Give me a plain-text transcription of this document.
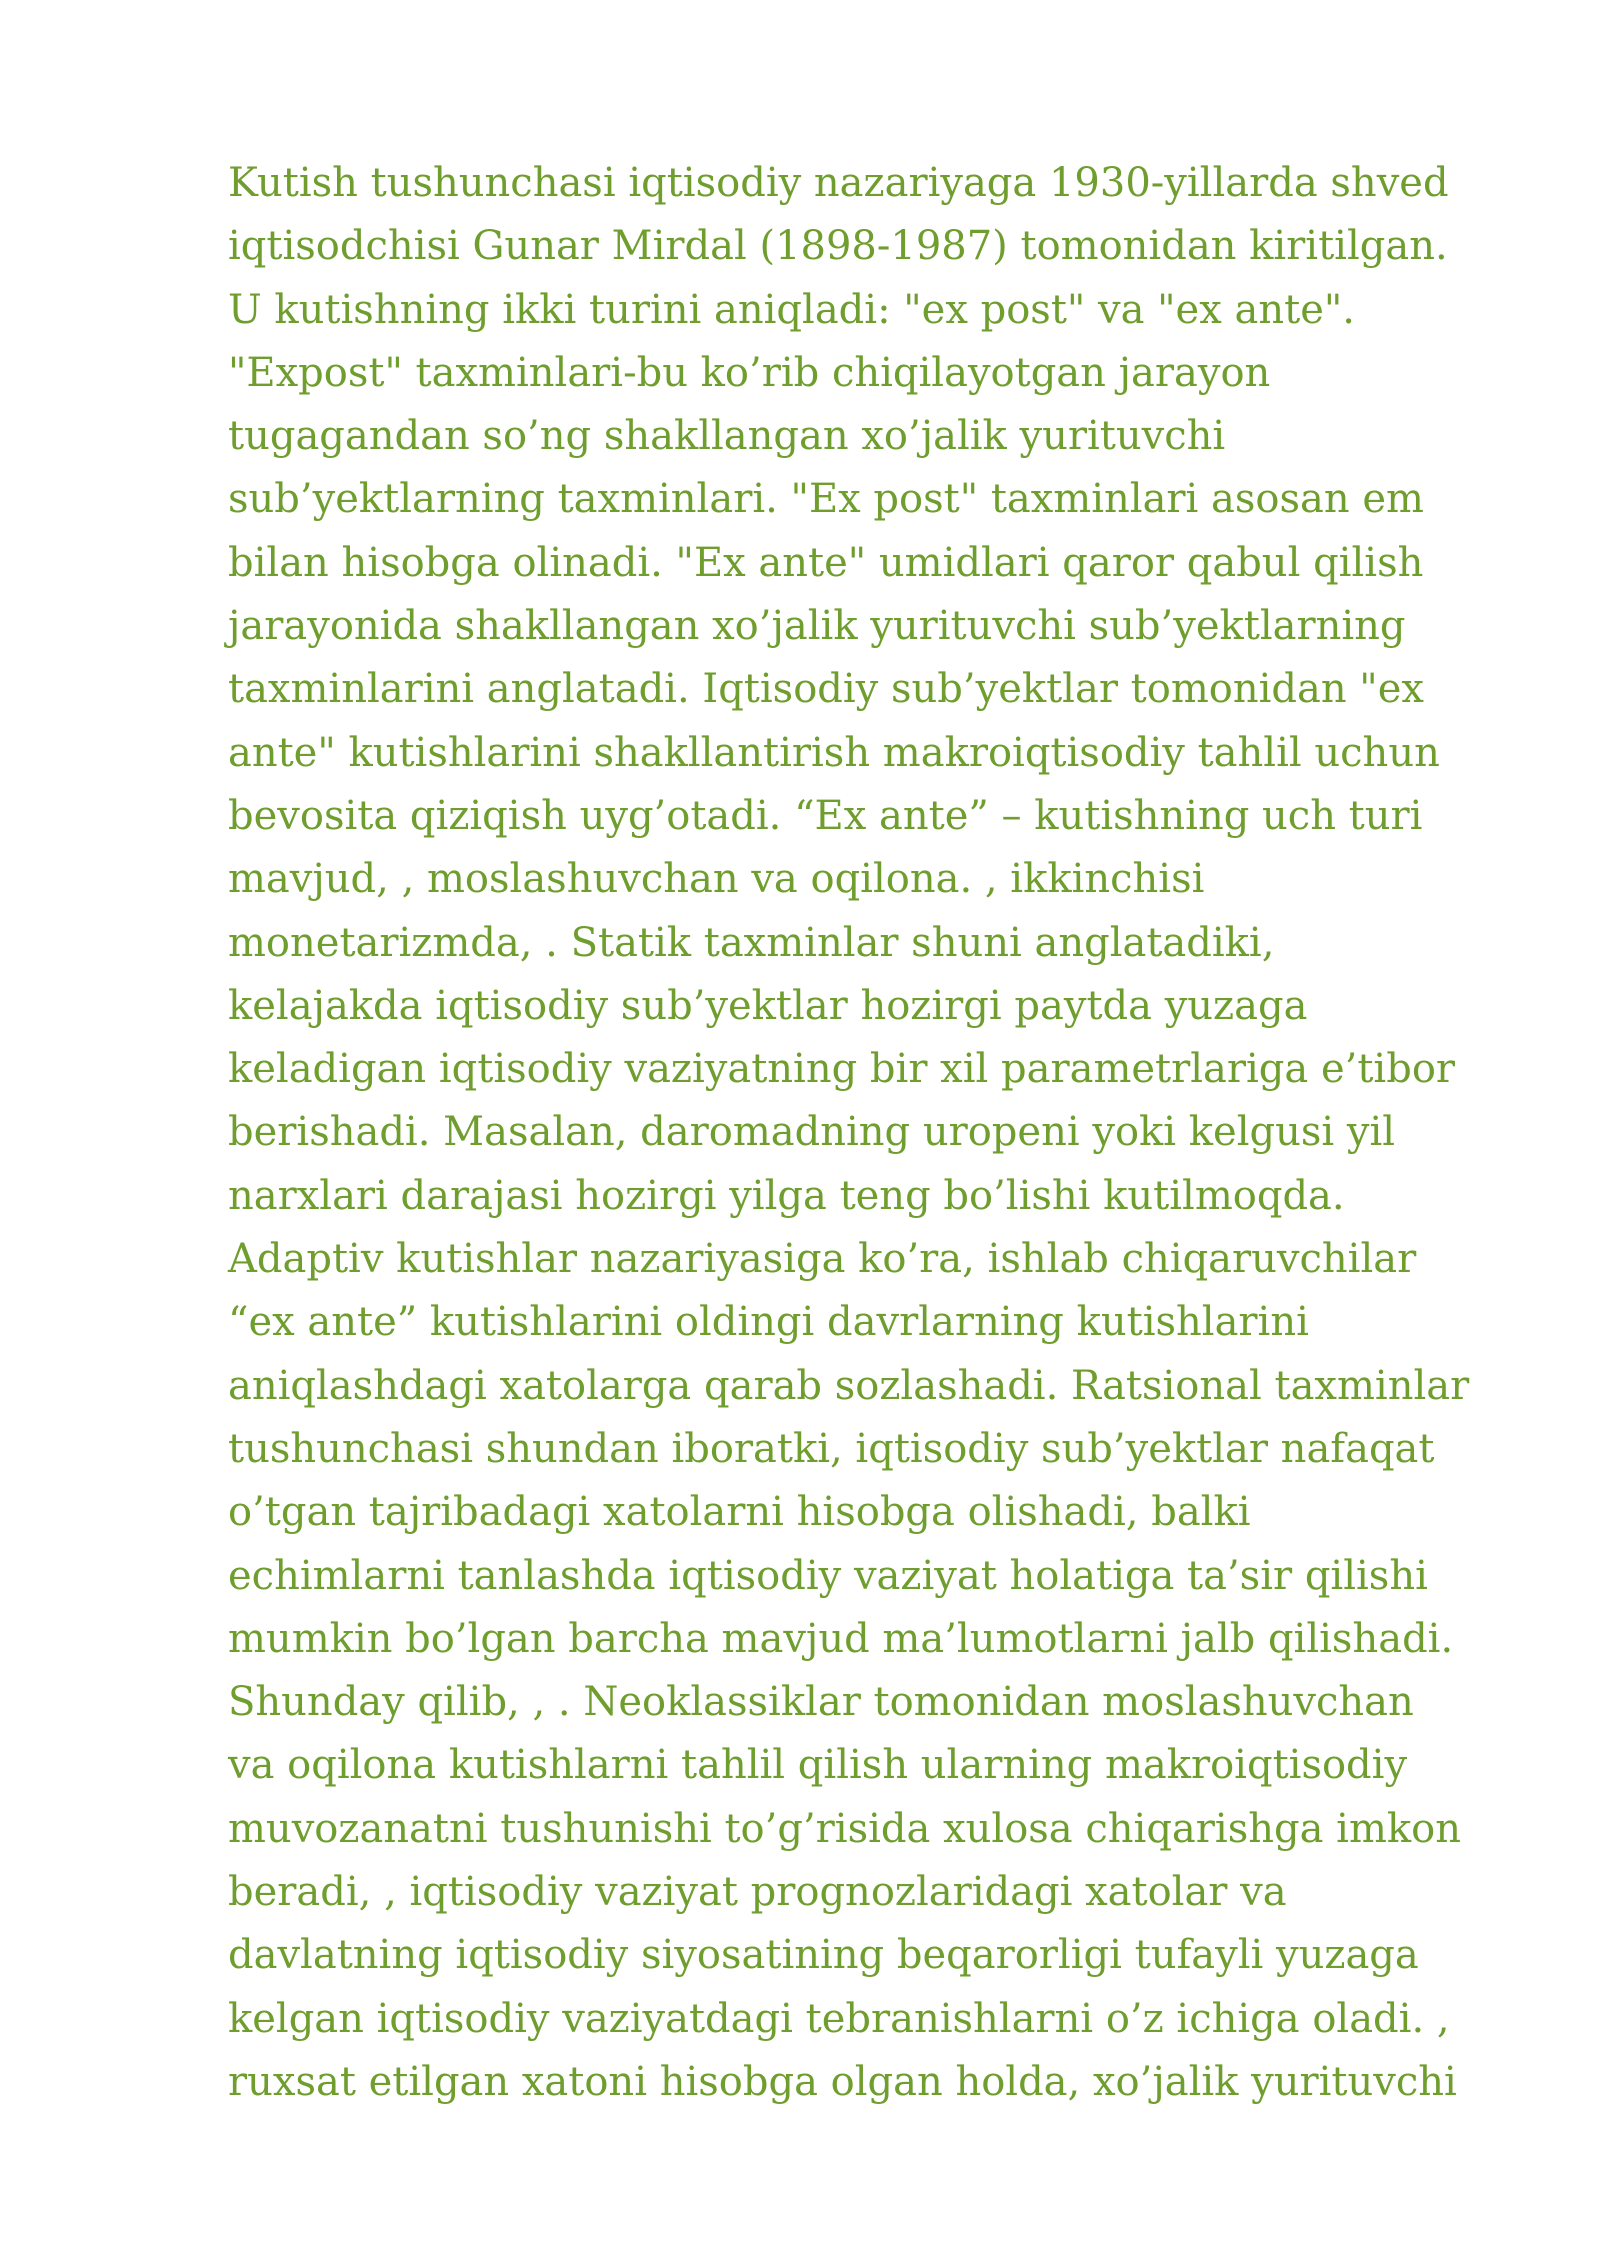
Kutish tushunchasi iqtisodiy nazariyaga 1930-yillarda shved
iqtisodchisi Gunar Mirdal (1898-1987) tomonidan kiritilgan.
U kutishning ikki turini aniqladi: "ex post" va "ex ante".
"Expost" taxminlari-bu ko’rib chiqilayotgan jarayon
tugagandan so’ng shakllangan xo’jalik yurituvchi
sub’yektlarning taxminlari. "Ex post" taxminlari asosan em
bilan hisobga olinadi. "Ex ante" umidlari qaror qabul qilish
jarayonida shakllangan xo’jalik yurituvchi sub’yektlarning
taxminlarini anglatadi. Iqtisodiy sub’yektlar tomonidan "ex
ante" kutishlarini shakllantirish makroiqtisodiy tahlil uchun
bevosita qiziqish uyg’otadi. “Ex ante” – kutishning uch turi
mavjud, , moslashuvchan va oqilona. , ikkinchisi
monetarizmda, . Statik taxminlar shuni anglatadiki,
kelajakda iqtisodiy sub’yektlar hozirgi paytda yuzaga
keladigan iqtisodiy vaziyatning bir xil parametrlariga e’tibor
berishadi. Masalan, daromadning uropeni yoki kelgusi yil
narxlari darajasi hozirgi yilga teng bo’lishi kutilmoqda.
Adaptiv kutishlar nazariyasiga ko’ra, ishlab chiqaruvchilar
“ex ante” kutishlarini oldingi davrlarning kutishlarini
aniqlashdagi xatolarga qarab sozlashadi. Ratsional taxminlar
tushunchasi shundan iboratki, iqtisodiy sub’yektlar nafaqat
o’tgan tajribadagi xatolarni hisobga olishadi, balki
echimlarni tanlashda iqtisodiy vaziyat holatiga ta’sir qilishi
mumkin bo’lgan barcha mavjud ma’lumotlarni jalb qilishadi.
Shunday qilib, , . Neoklassiklar tomonidan moslashuvchan
va oqilona kutishlarni tahlil qilish ularning makroiqtisodiy
muvozanatni tushunishi to’g’risida xulosa chiqarishga imkon
beradi, , iqtisodiy vaziyat prognozlaridagi xatolar va
davlatning iqtisodiy siyosatining beqarorligi tufayli yuzaga
kelgan iqtisodiy vaziyatdagi tebranishlarni o’z ichiga oladi. ,
ruxsat etilgan xatoni hisobga olgan holda, xo’jalik yurituvchi
